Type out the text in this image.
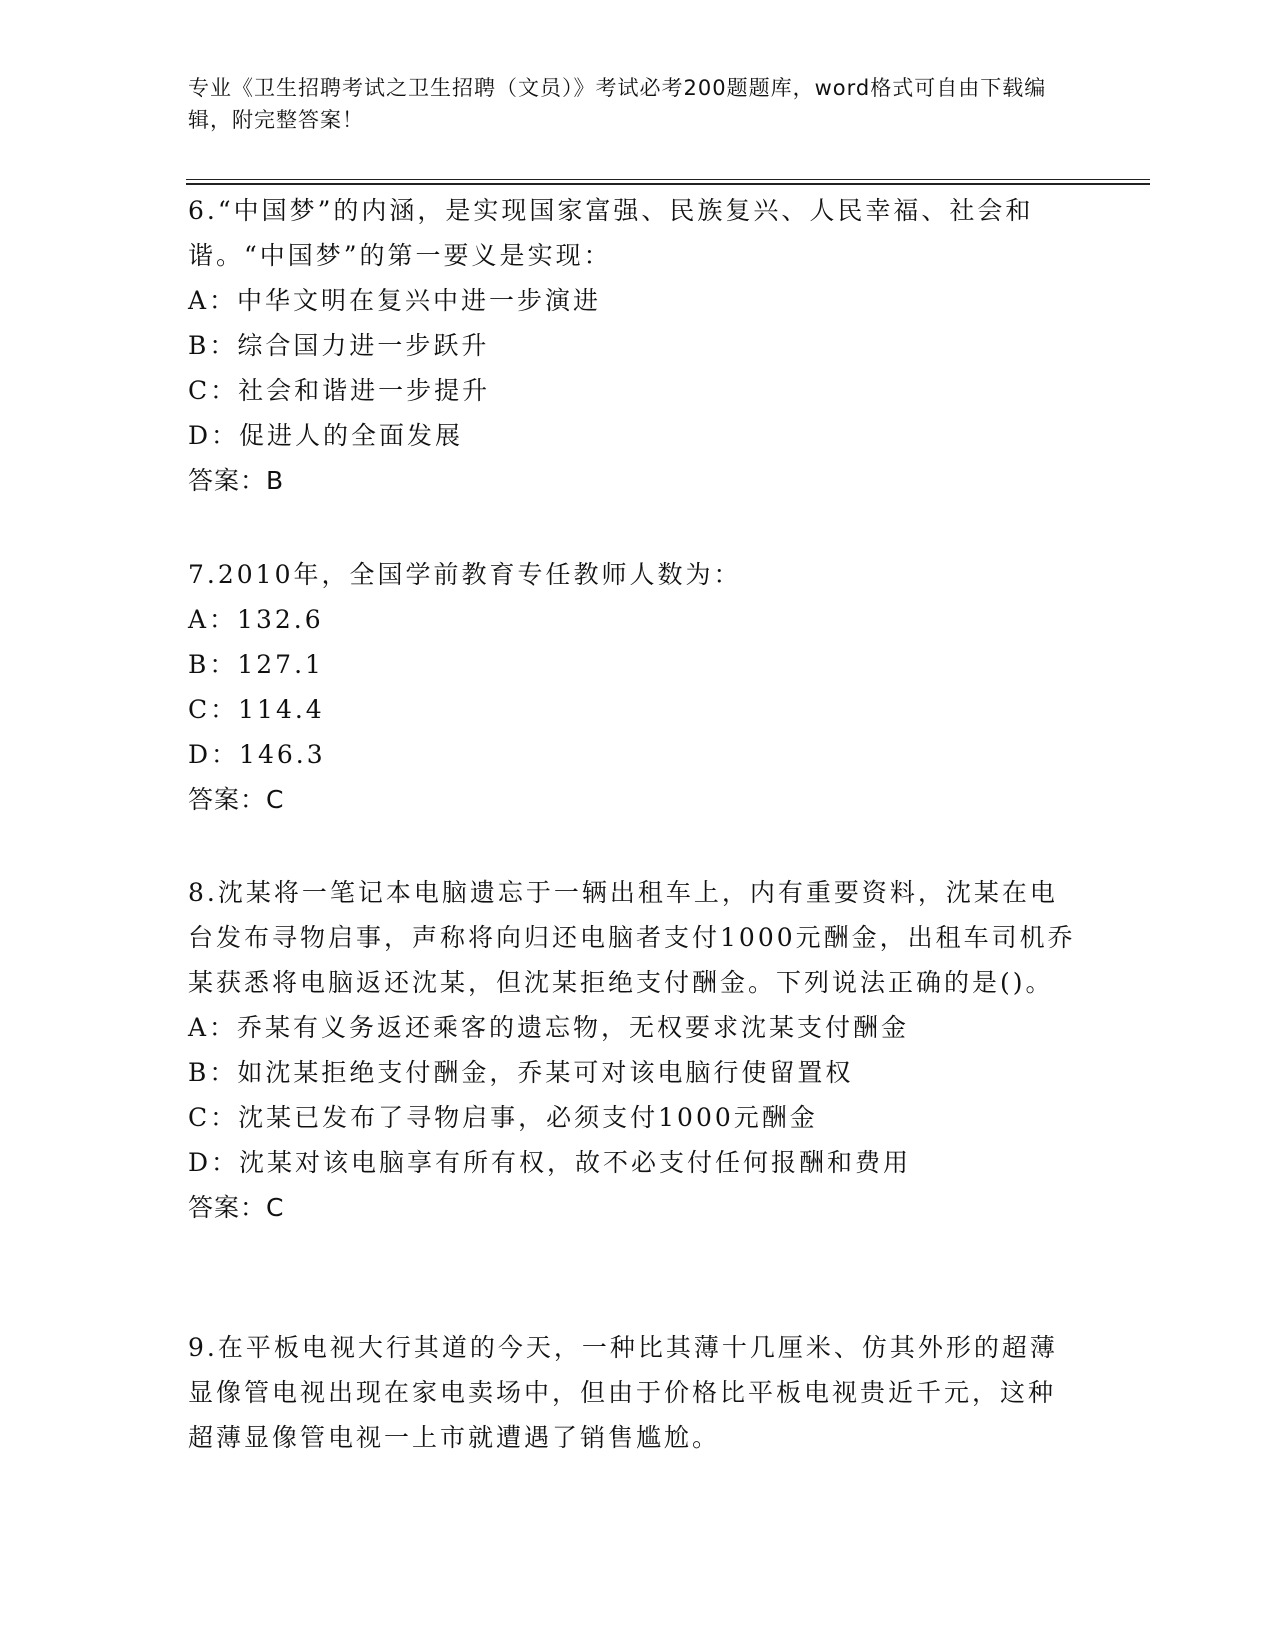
专业《卫生招聘考试之卫生招聘（文员）》考试必考200题题库，word格式可自由下载编辑，附完整答案！
6.“中国梦”的内涵，是实现国家富强、民族复兴、人民幸福、社会和谐。“中国梦”的第一要义是实现：
A：中华文明在复兴中进一步演进
B：综合国力进一步跃升
C：社会和谐进一步提升
D：促进人的全面发展
答案：B
7.2010年，全国学前教育专任教师人数为：
A：132.6
B：127.1
C：114.4
D：146.3
答案：C
8.沈某将一笔记本电脑遗忘于一辆出租车上，内有重要资料，沈某在电台发布寻物启事，声称将向归还电脑者支付1000元酬金，出租车司机乔某获悉将电脑返还沈某，但沈某拒绝支付酬金。下列说法正确的是()。
A：乔某有义务返还乘客的遗忘物，无权要求沈某支付酬金
B：如沈某拒绝支付酬金，乔某可对该电脑行使留置权
C：沈某已发布了寻物启事，必须支付1000元酬金
D：沈某对该电脑享有所有权，故不必支付任何报酬和费用
答案：C
9.在平板电视大行其道的今天，一种比其薄十几厘米、仿其外形的超薄显像管电视出现在家电卖场中，但由于价格比平板电视贵近千元，这种超薄显像管电视一上市就遭遇了销售尴尬。
